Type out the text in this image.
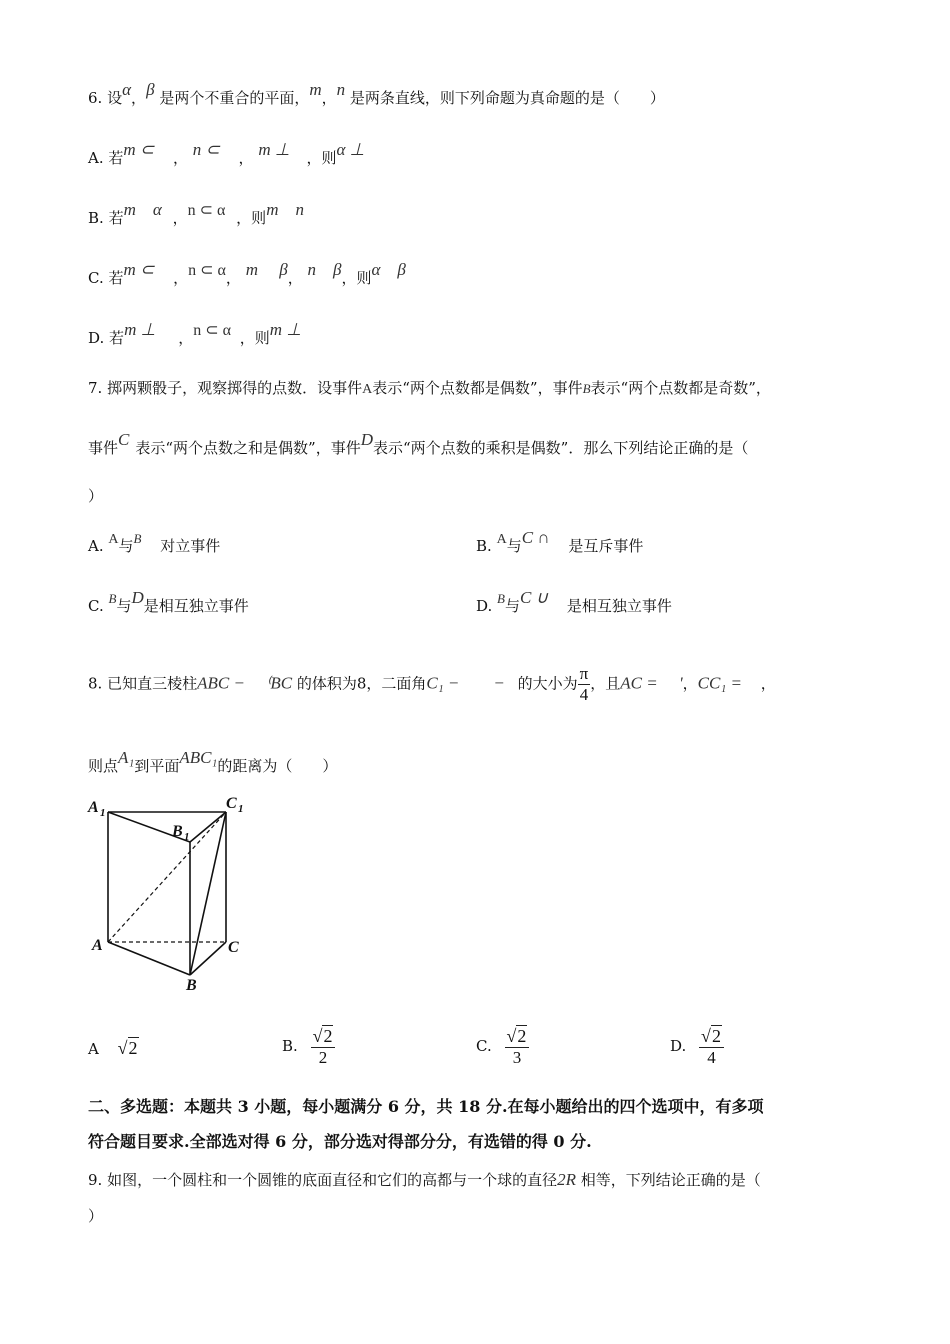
6. 设α，β 是两个不重合的平面，m，n 是两条直线，则下列命题为真命题的是（　　）
A. 若m ⊂ ， n ⊂ ， m ⊥ ，则α ⊥
B. 若m　α ，n ⊂ α ，则m　n
C. 若m ⊂ ，n ⊂ α， m　 β， n　β，则α　β
D. 若m ⊥ ，n ⊂ α ，则m ⊥
7. 掷两颗骰子，观察掷得的点数．设事件A表示“两个点数都是偶数”，事件B表示“两个点数都是奇数”，
事件C 表示“两个点数之和是偶数”，事件D表示“两个点数的乘积是偶数”．那么下列结论正确的是（
）
A. A与B 对立事件	B. A与C ∩ 是互斥事件
C. B与D是相互独立事件	D. B与C ∪ 是相互独立事件
8. 已知直三棱柱ABC −　 ⁽BC 的体积为8，二面角C₁ −　　− 的大小为 $\frac{\pi}{4}$ ，且AC =　 '，CC₁ = ，
则点A₁到平面ABC₁的距离为（　　）
A 1
B 1
C 1
A	C
B
A √2	B. $\frac{√2}{2}$	C. $\frac{√2}{3}$	D. $\frac{√2}{4}$
二、多选题：本题共 3 小题，每小题满分 6 分，共 18 分.在每小题给出的四个选项中，有多项
符合题目要求.全部选对得 6 分，部分选对得部分分，有选错的得 0 分.
9. 如图，一个圆柱和一个圆锥的底面直径和它们的高都与一个球的直径2R 相等，下列结论正确的是（
）
